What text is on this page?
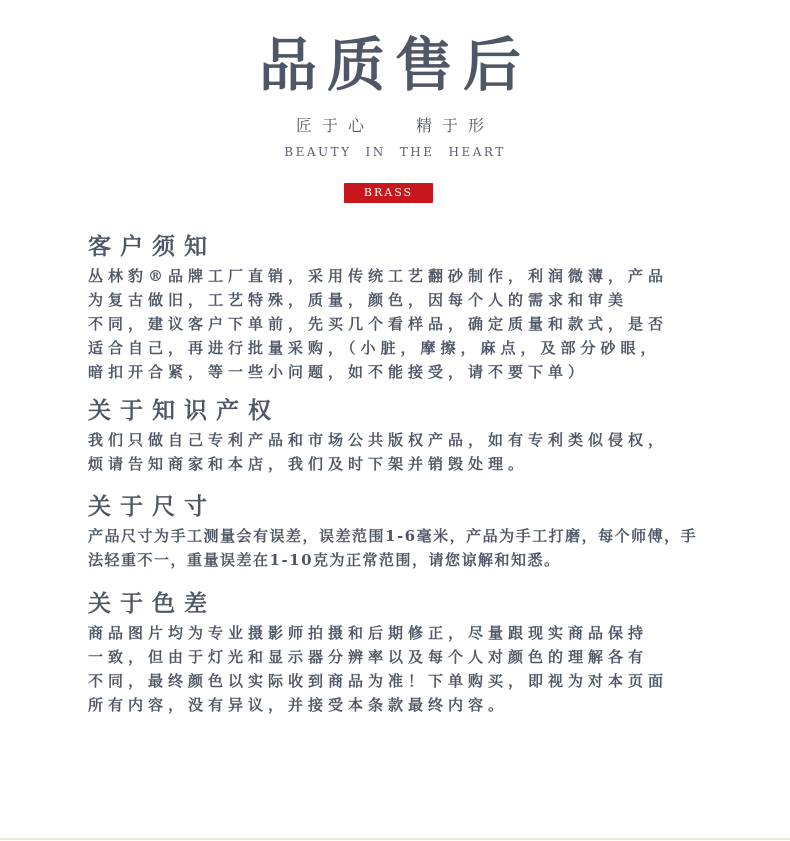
品质售后
匠于心	精于形
BEAUTY IN THE HEART
BRASS
客户须知
丛林豹®品牌工厂直销，采用传统工艺翻砂制作，利润微薄，产品
为复古做旧，工艺特殊，质量，颜色，因每个人的需求和审美
不同，建议客户下单前，先买几个看样品，确定质量和款式，是否
适合自己，再进行批量采购，（小脏，摩擦，麻点，及部分砂眼，
暗扣开合紧，等一些小问题，如不能接受，请不要下单）
关于知识产权
我们只做自己专利产品和市场公共版权产品，如有专利类似侵权，
烦请告知商家和本店，我们及时下架并销毁处理。
关于尺寸
产品尺寸为手工测量会有误差，误差范围1-6毫米，产品为手工打磨，每个师傅，手
法轻重不一，重量误差在1-10克为正常范围，请您谅解和知悉。
关于色差
商品图片均为专业摄影师拍摄和后期修正，尽量跟现实商品保持
一致，但由于灯光和显示器分辨率以及每个人对颜色的理解各有
不同，最终颜色以实际收到商品为准！下单购买，即视为对本页面
所有内容，没有异议，并接受本条款最终内容。
